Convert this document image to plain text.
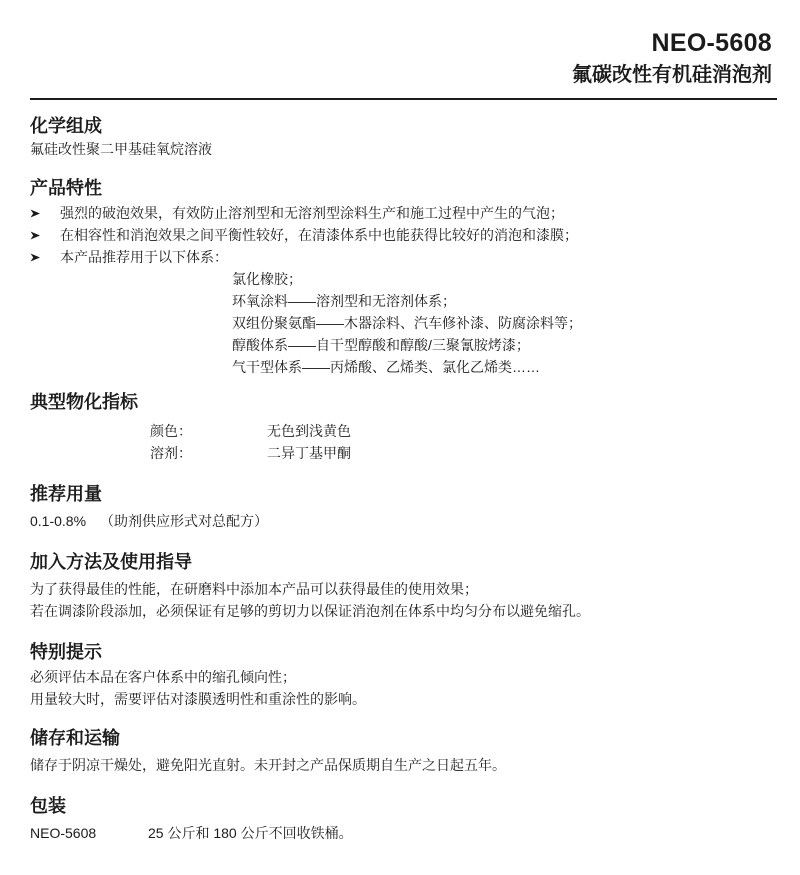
NEO-5608
氟碳改性有机硅消泡剂
化学组成
氟硅改性聚二甲基硅氧烷溶液
产品特性
强烈的破泡效果，有效防止溶剂型和无溶剂型涂料生产和施工过程中产生的气泡；
在相容性和消泡效果之间平衡性较好，在清漆体系中也能获得比较好的消泡和漆膜；
本产品推荐用于以下体系：
氯化橡胶；
环氧涂料——溶剂型和无溶剂体系；
双组份聚氨酯——木器涂料、汽车修补漆、防腐涂料等；
醇酸体系——自干型醇酸和醇酸/三聚氰胺烤漆；
气干型体系——丙烯酸、乙烯类、氯化乙烯类……
典型物化指标
颜色：	无色到浅黄色
溶剂：	二异丁基甲酮
推荐用量
0.1-0.8% （助剂供应形式对总配方）
加入方法及使用指导
为了获得最佳的性能，在研磨料中添加本产品可以获得最佳的使用效果；
若在调漆阶段添加，必须保证有足够的剪切力以保证消泡剂在体系中均匀分布以避免缩孔。
特别提示
必须评估本品在客户体系中的缩孔倾向性；
用量较大时，需要评估对漆膜透明性和重涂性的影响。
储存和运输
储存于阴凉干燥处，避免阳光直射。未开封之产品保质期自生产之日起五年。
包装
NEO-5608	25 公斤和 180 公斤不回收铁桶。
